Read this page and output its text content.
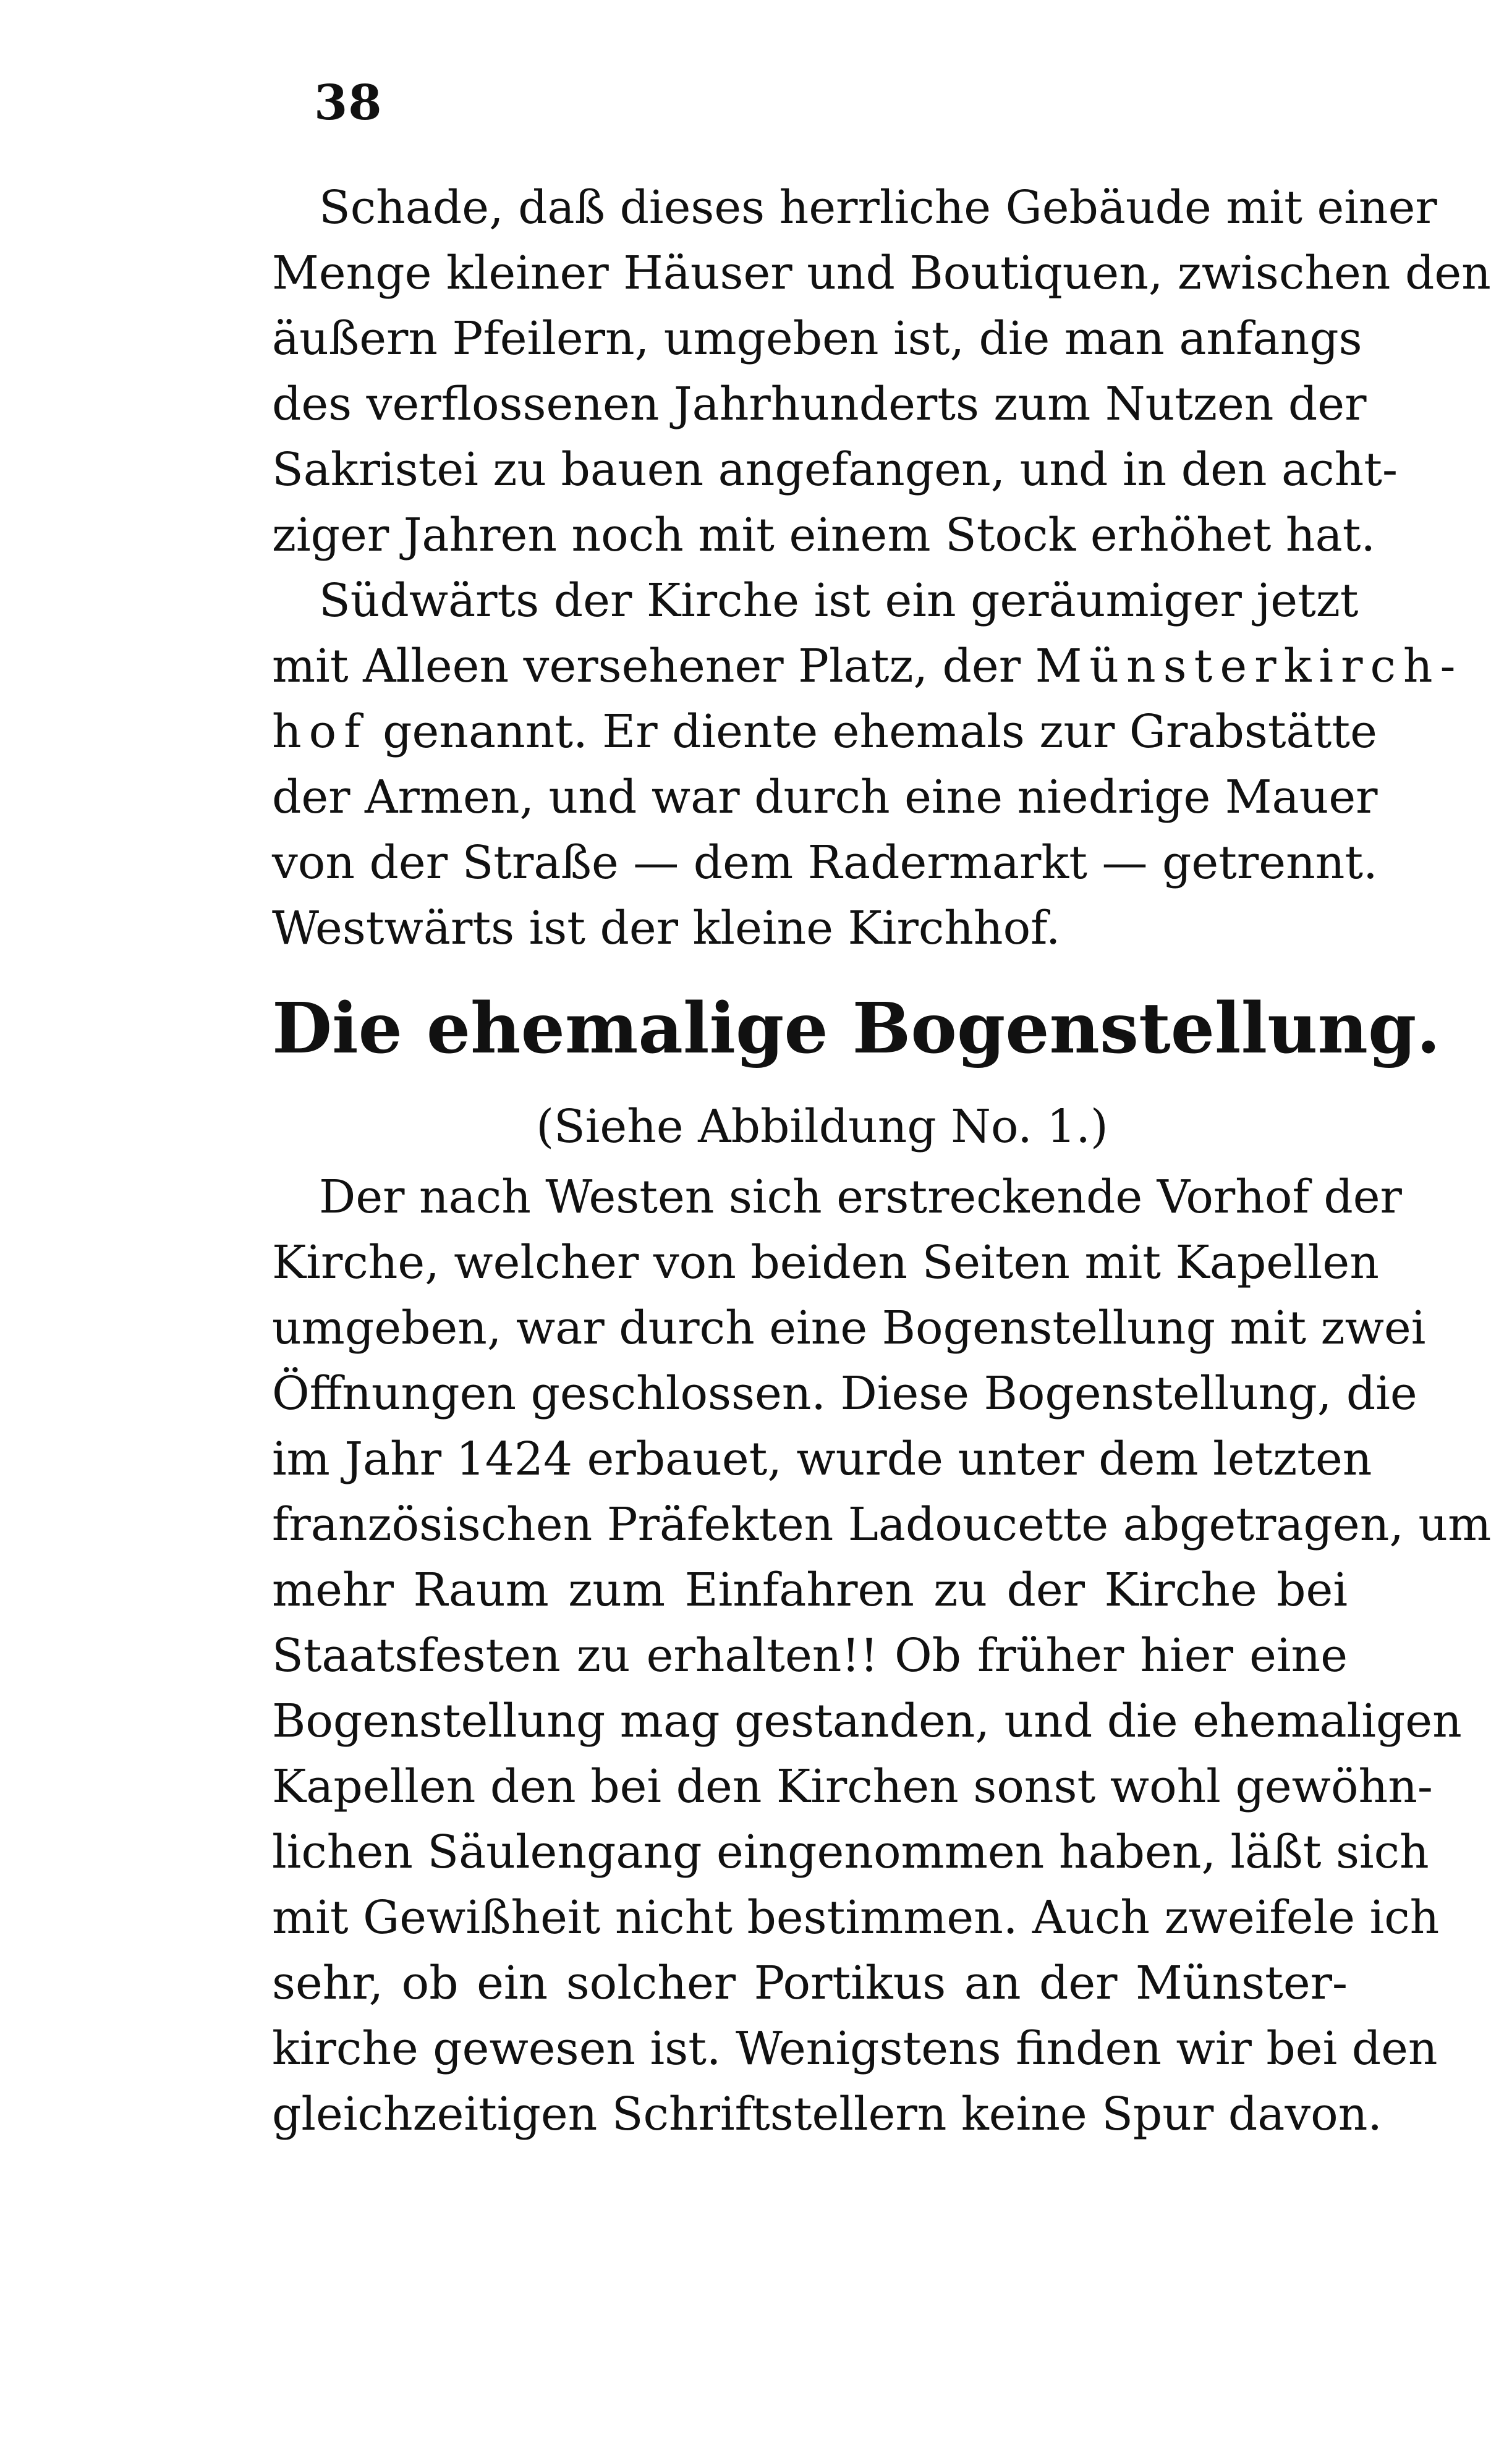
38
Schade, daß dieses herrliche Gebäude mit einer
Menge kleiner Häuser und Boutiquen, zwischen den
äußern Pfeilern, umgeben ist, die man anfangs
des verflossenen Jahrhunderts zum Nutzen der
Sakristei zu bauen angefangen, und in den acht-
ziger Jahren noch mit einem Stock erhöhet hat.
Südwärts der Kirche ist ein geräumiger jetzt
mit Alleen versehener Platz, der Münsterkirch-
hof genannt. Er diente ehemals zur Grabstätte
der Armen, und war durch eine niedrige Mauer
von der Straße — dem Radermarkt — getrennt.
Westwärts ist der kleine Kirchhof.
Die ehemalige Bogenstellung.
(Siehe Abbildung No. 1.)
Der nach Westen sich erstreckende Vorhof der
Kirche, welcher von beiden Seiten mit Kapellen
umgeben, war durch eine Bogenstellung mit zwei
Öffnungen geschlossen. Diese Bogenstellung, die
im Jahr 1424 erbauet, wurde unter dem letzten
französischen Präfekten Ladoucette abgetragen, um
mehr Raum zum Einfahren zu der Kirche bei
Staatsfesten zu erhalten!! Ob früher hier eine
Bogenstellung mag gestanden, und die ehemaligen
Kapellen den bei den Kirchen sonst wohl gewöhn-
lichen Säulengang eingenommen haben, läßt sich
mit Gewißheit nicht bestimmen. Auch zweifele ich
sehr, ob ein solcher Portikus an der Münster-
kirche gewesen ist. Wenigstens finden wir bei den
gleichzeitigen Schriftstellern keine Spur davon.
